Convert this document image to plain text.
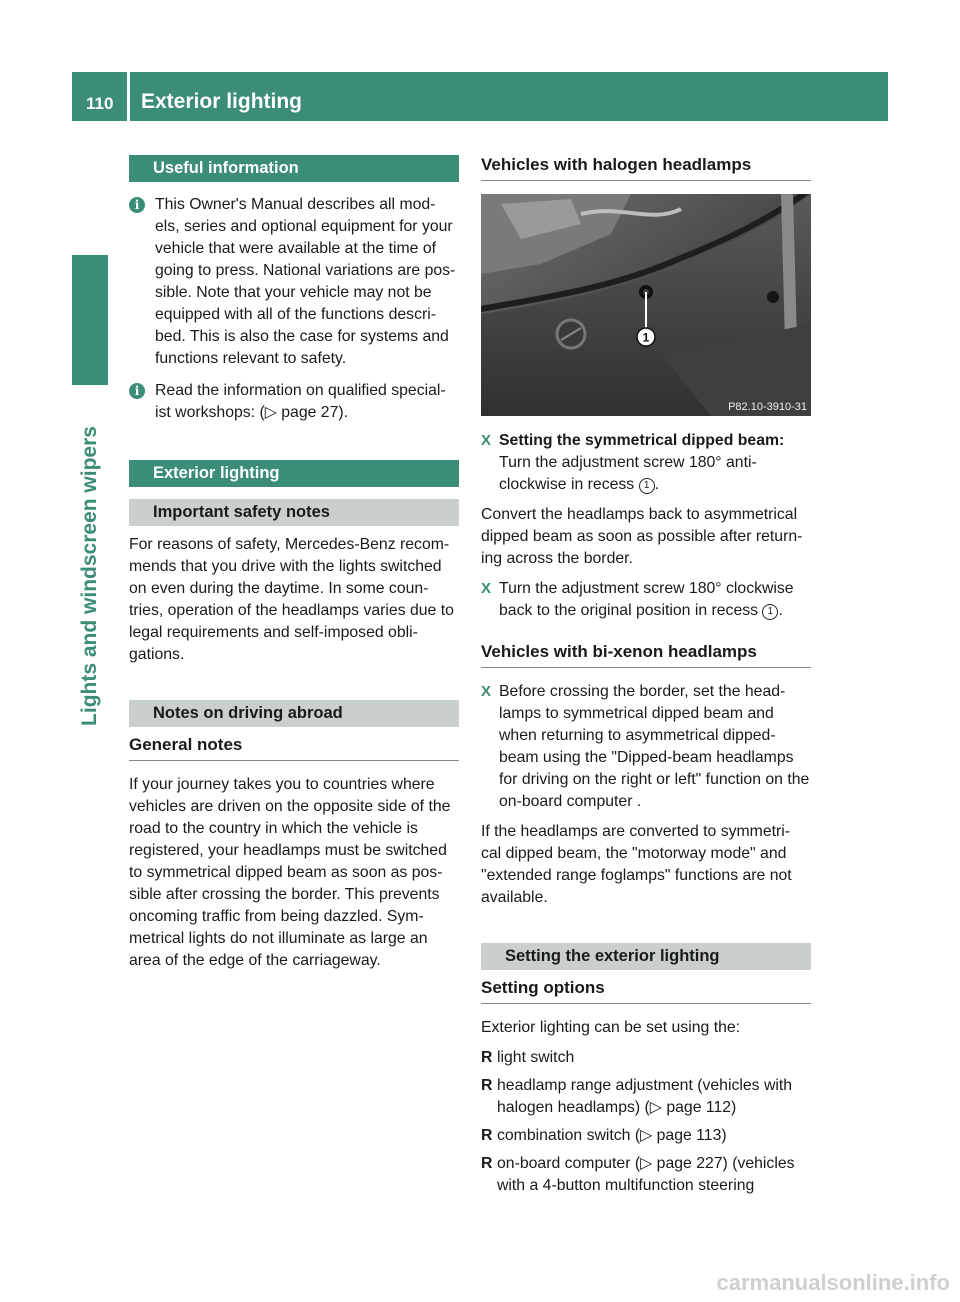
110 Exterior lighting
Lights and windscreen wipers
Useful information
i This Owner's Manual describes all mod- els, series and optional equipment for your vehicle that were available at the time of going to press. National variations are pos- sible. Note that your vehicle may not be equipped with all of the functions descri- bed. This is also the case for systems and functions relevant to safety.
i Read the information on qualified special- ist workshops: (▷ page 27).
Exterior lighting
Important safety notes

For reasons of safety, Mercedes-Benz recom- mends that you drive with the lights switched on even during the daytime. In some coun- tries, operation of the headlamps varies due to legal requirements and self-imposed obli- gations.

Notes on driving abroad
General notes

If your journey takes you to countries where vehicles are driven on the opposite side of the road to the country in which the vehicle is registered, your headlamps must be switched to symmetrical dipped beam as soon as pos- sible after crossing the border. This prevents oncoming traffic from being dazzled. Sym- metrical lights do not illuminate as large an area of the edge of the carriageway.

Vehicles with halogen headlamps
1
P82.10-3910-31
X Setting the symmetrical dipped beam:
Turn the adjustment screw 180° anti- clockwise in recess 1 .

Convert the headlamps back to asymmetrical dipped beam as soon as possible after return- ing across the border.

X Turn the adjustment screw 180° clockwise back to the original position in recess 1 .
Vehicles with bi-xenon headlamps
X Before crossing the border, set the head- lamps to symmetrical dipped beam and when returning to asymmetrical dipped- beam using the "Dipped-beam headlamps for driving on the right or left" function on the on-board computer .

If the headlamps are converted to symmetri- cal dipped beam, the "motorway mode" and "extended range foglamps" functions are not available.

Setting the exterior lighting
Setting options

Exterior lighting can be set using the:

R light switch
R headlamp range adjustment (vehicles with halogen headlamps) (▷ page 112)
R combination switch (▷ page 113)
R on-board computer (▷ page 227) (vehicles with a 4-button multifunction steering
carmanualsonline.info
